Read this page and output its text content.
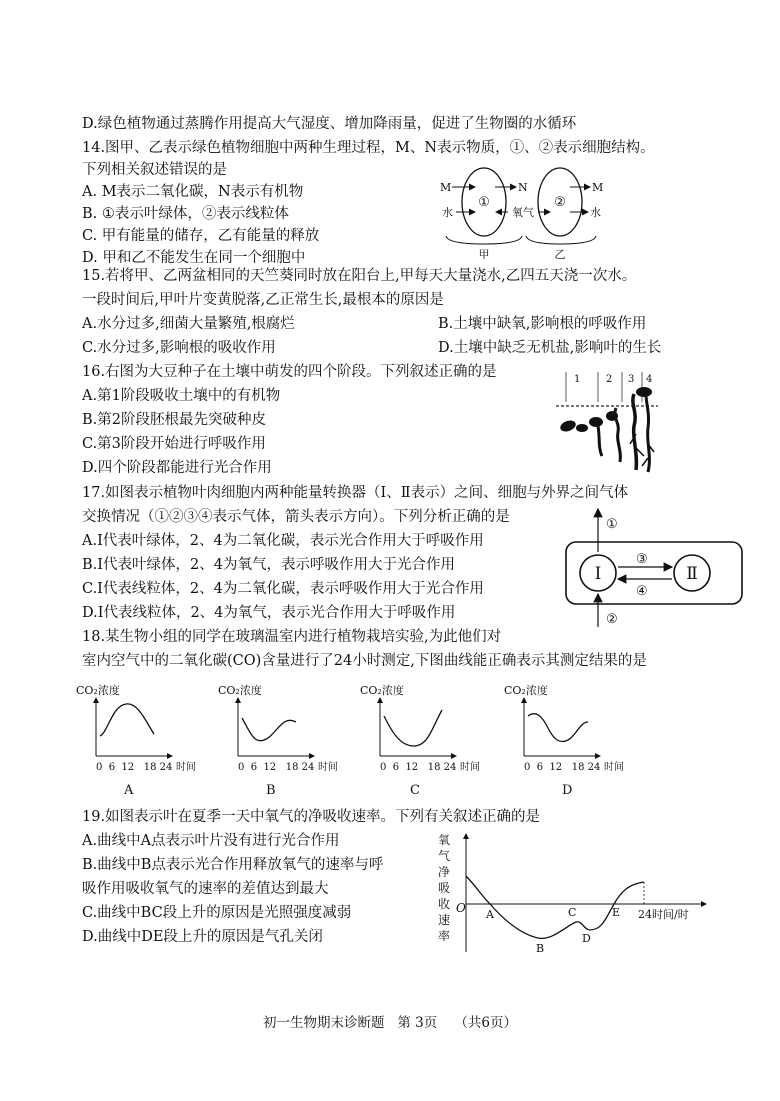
D.绿色植物通过蒸腾作用提高大气湿度、增加降雨量，促进了生物圈的水循环
14.图甲、乙表示绿色植物细胞中两种生理过程，M、N表示物质，①、②表示细胞结构。
下列相关叙述错误的是
A. M表示二氧化碳，N表示有机物
B. ①表示叶绿体，②表示线粒体
C. 甲有能量的储存，乙有能量的释放
D. 甲和乙不能发生在同一个细胞中
①	②
M
水
N
氧气
M
水
甲	乙
15.若将甲、乙两盆相同的天竺葵同时放在阳台上,甲每天大量浇水,乙四五天浇一次水。
一段时间后,甲叶片变黄脱落,乙正常生长,最根本的原因是
A.水分过多,细菌大量繁殖,根腐烂	B.土壤中缺氧,影响根的呼吸作用
C.水分过多,影响根的吸收作用	D.土壤中缺乏无机盐,影响叶的生长
16.右图为大豆种子在土壤中萌发的四个阶段。下列叙述正确的是
A.第1阶段吸收土壤中的有机物
B.第2阶段胚根最先突破种皮
C.第3阶段开始进行呼吸作用
D.四个阶段都能进行光合作用
1	2 3 4
17.如图表示植物叶肉细胞内两种能量转换器（Ⅰ、Ⅱ表示）之间、细胞与外界之间气体
交换情况（①②③④表示气体，箭头表示方向）。下列分析正确的是
A.Ⅰ代表叶绿体，2、4为二氧化碳，表示光合作用大于呼吸作用
B.Ⅰ代表叶绿体，2、4为氧气，表示呼吸作用大于光合作用
C.Ⅰ代表线粒体，2、4为二氧化碳，表示呼吸作用大于光合作用
D.Ⅰ代表线粒体，2、4为氧气，表示光合作用大于呼吸作用
Ⅰ	Ⅱ
③
④
①
②
18.某生物小组的同学在玻璃温室内进行植物栽培实验,为此他们对
室内空气中的二氧化碳(CO)含量进行了24小时测定,下图曲线能正确表示其测定结果的是
CO₂浓度
0  6  12   18 24 时间
A
CO₂浓度
0  6  12   18 24 时间
B
CO₂浓度
0  6  12   18 24 时间
C
CO₂浓度
0  6  12   18 24 时间
D
19.如图表示叶在夏季一天中氧气的净吸收速率。下列有关叙述正确的是
A.曲线中A点表示叶片没有进行光合作用
B.曲线中B点表示光合作用释放氧气的速率与呼
吸作用吸收氧气的速率的差值达到最大
C.曲线中BC段上升的原因是光照强度减弱
D.曲线中DE段上升的原因是气孔关闭
氧
气
净
吸
收
速
率
O A
B
C
D
E 24时间/时
初一生物期末诊断题   第 3页    （共6页）
